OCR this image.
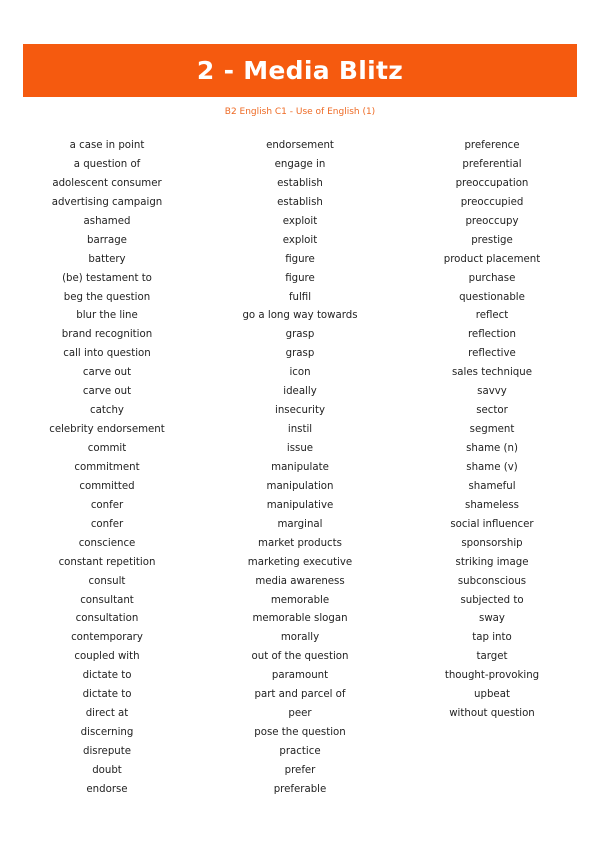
2 - Media Blitz
B2 English C1 - Use of English (1)
a case in point
a question of
adolescent consumer
advertising campaign
ashamed
barrage
battery
(be) testament to
beg the question
blur the line
brand recognition
call into question
carve out
carve out
catchy
celebrity endorsement
commit
commitment
committed
confer
confer
conscience
constant repetition
consult
consultant
consultation
contemporary
coupled with
dictate to
dictate to
direct at
discerning
disrepute
doubt
endorse
endorsement
engage in
establish
establish
exploit
exploit
figure
figure
fulfil
go a long way towards
grasp
grasp
icon
ideally
insecurity
instil
issue
manipulate
manipulation
manipulative
marginal
market products
marketing executive
media awareness
memorable
memorable slogan
morally
out of the question
paramount
part and parcel of
peer
pose the question
practice
prefer
preferable
preference
preferential
preoccupation
preoccupied
preoccupy
prestige
product placement
purchase
questionable
reflect
reflection
reflective
sales technique
savvy
sector
segment
shame (n)
shame (v)
shameful
shameless
social influencer
sponsorship
striking image
subconscious
subjected to
sway
tap into
target
thought-provoking
upbeat
without question
